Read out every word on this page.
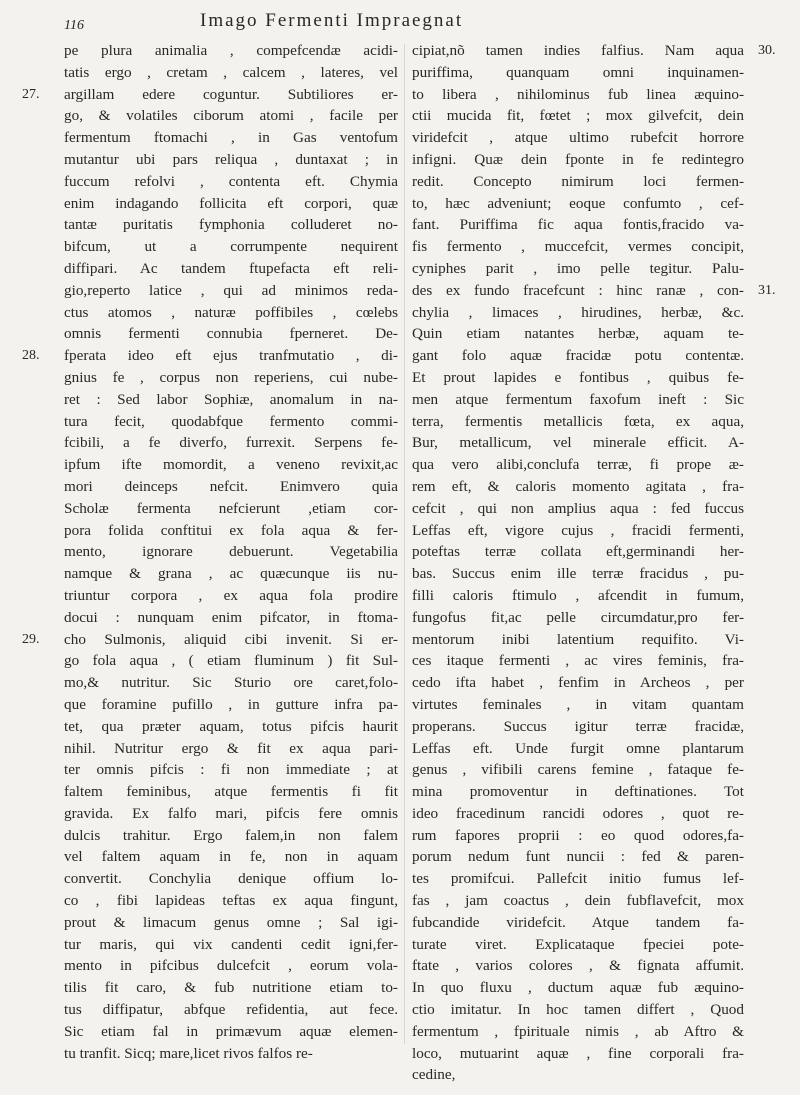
116	Imago Fermenti Impraegnat
pe plura animalia , compefcendæ acidi-
tatis ergo , cretam , calcem , lateres, vel
argillam edere coguntur. Subtiliores er-
go, & volatiles ciborum atomi , facile per
fermentum ftomachi , in Gas ventofum
mutantur ubi pars reliqua , duntaxat ; in
fuccum refolvi , contenta eft. Chymia
enim indagando follicita eft corpori, quæ
tantæ puritatis fymphonia colluderet no-
bifcum, ut a corrumpente nequirent
diffipari. Ac tandem ftupefacta eft reli-
gio,reperto latice , qui ad minimos reda-
ctus atomos , naturæ poffibiles , cœlebs
omnis fermenti connubia fperneret. De-
fperata ideo eft ejus tranfmutatio , di-
gnius fe , corpus non reperiens, cui nube-
ret : Sed labor Sophiæ, anomalum in na-
tura fecit, quodabfque fermento commi-
fcibili, a fe diverfo, furrexit. Serpens fe-
ipfum ifte momordit, a veneno revixit,ac
mori deinceps nefcit. Enimvero quia
Scholæ fermenta nefcierunt ,etiam cor-
pora folida conftitui ex fola aqua & fer-
mento, ignorare debuerunt. Vegetabilia
namque & grana , ac quæcunque iis nu-
triuntur corpora , ex aqua fola prodire
docui : nunquam enim pifcator, in ftoma-
cho Sulmonis, aliquid cibi invenit. Si er-
go fola aqua , ( etiam fluminum ) fit Sul-
mo,& nutritur. Sic Sturio ore caret,folo-
que foramine pufillo , in gutture infra pa-
tet, qua præter aquam, totus pifcis haurit
nihil. Nutritur ergo & fit ex aqua pari-
ter omnis pifcis : fi non immediate ; at
faltem feminibus, atque fermentis fi fit
gravida. Ex falfo mari, pifcis fere omnis
dulcis trahitur. Ergo falem,in non falem
vel faltem aquam in fe, non in aquam
convertit. Conchylia denique offium lo-
co , fibi lapideas teftas ex aqua fingunt,
prout & limacum genus omne ; Sal igi-
tur maris, qui vix candenti cedit igni,fer-
mento in pifcibus dulcefcit , eorum vola-
tilis fit caro, & fub nutritione etiam to-
tus diffipatur, abfque refidentia, aut fece.
Sic etiam fal in primævum aquæ elemen-
tu tranfit. Sicq; mare,licet rivos falfos re-
cipiat,nõ tamen indies falfius. Nam aqua
puriffima, quanquam omni inquinamen-
to libera , nihilominus fub linea æquino-
ctii mucida fit, fœtet ; mox gilvefcit, dein
viridefcit , atque ultimo rubefcit horrore
infigni. Quæ dein fponte in fe redintegro
redit. Concepto nimirum loci fermen-
to, hæc adveniunt; eoque confumto , cef-
fant. Puriffima fic aqua fontis,fracido va-
fis fermento , muccefcit, vermes concipit,
cyniphes parit , imo pelle tegitur. Palu-
des ex fundo fracefcunt : hinc ranæ , con-
chylia , limaces , hirudines, herbæ, &c.
Quin etiam natantes herbæ, aquam te-
gant folo aquæ fracidæ potu contentæ.
Et prout lapides e fontibus , quibus fe-
men atque fermentum faxofum ineft : Sic
terra, fermentis metallicis fœta, ex aqua,
Bur, metallicum, vel minerale efficit. A-
qua vero alibi,conclufa terræ, fi prope æ-
rem eft, & caloris momento agitata , fra-
cefcit , qui non amplius aqua : fed fuccus
Leffas eft, vigore cujus , fracidi fermenti,
poteftas terræ collata eft,germinandi her-
bas. Succus enim ille terræ fracidus , pu-
filli caloris ftimulo , afcendit in fumum,
fungofus fit,ac pelle circumdatur,pro fer-
mentorum inibi latentium requifito. Vi-
ces itaque fermenti , ac vires feminis, fra-
cedo ifta habet , fenfim in Archeos , per
virtutes feminales , in vitam quantam
properans. Succus igitur terræ fracidæ,
Leffas eft. Unde furgit omne plantarum
genus , vifibili carens femine , fataque fe-
mina promoventur in deftinationes. Tot
ideo fracedinum rancidi odores , quot re-
rum fapores proprii : eo quod odores,fa-
porum nedum funt nuncii : fed & paren-
tes promifcui. Pallefcit initio fumus lef-
fas , jam coactus , dein fubflavefcit, mox
fubcandide viridefcit. Atque tandem fa-
turate viret. Explicataque fpeciei pote-
ftate , varios colores , & fignata affumit.
In quo fluxu , ductum aquæ fub æquino-
ctio imitatur. In hoc tamen differt , Quod
fermentum , fpirituale nimis , ab Aftro &
loco, mutuarint aquæ , fine corporali fra-
cedine,
27.
28.
29.
30.
31.
